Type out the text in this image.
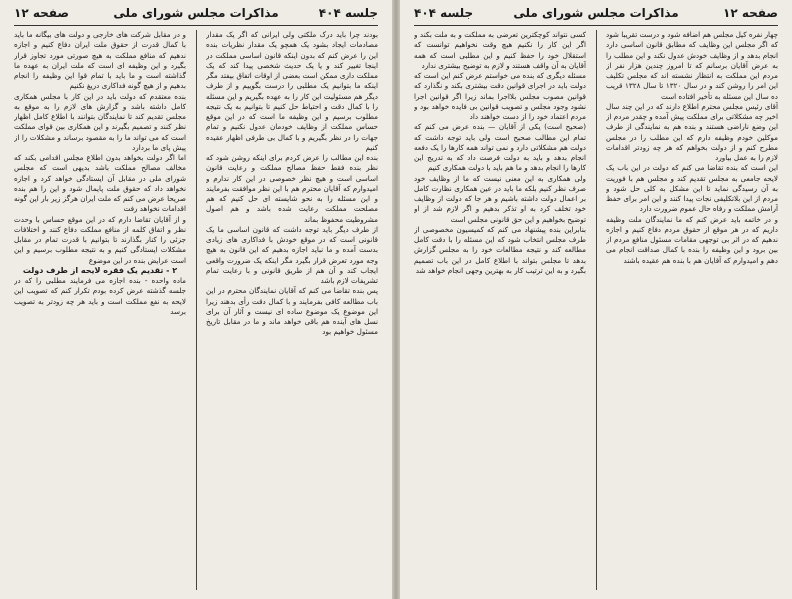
جلسه ۴۰۴
مذاکرات مجلس شورای ملی
صفحه ۱۲

بودند چرا باید درک ملکتی ولی ایرانی که اگر یک مقدار مصادمات ایجاد بشود یک همچو یک مقدار نظریات بنده این را عرض کنم که بدون اینکه قانون اساسی مملکت در اینجا تغییر کند و یا یک حدیث شخصی پیدا کند که یک مملکت داری ممکن است بعضی از اوقات اتفاق بیفتد مگر اینکه ما بتوانیم یک مطلبی را درست بگوییم و از طرف دیگر هم مسئولیت این کار را به عهده بگیریم و این مسئله را با کمال دقت و احتیاط حل کنیم تا بتوانیم به یک نتیجه مطلوب برسیم و این وظیفه ما است که در این موقع حساس مملکت از وظایف خودمان عدول نکنیم و تمام جهات را در نظر بگیریم و با کمال بی طرفی اظهار عقیده کنیم

بنده این مطالب را عرض کردم برای اینکه روشن شود که نظر بنده فقط حفظ مصالح مملکت و رعایت قانون اساسی است و هیچ نظر خصوصی در این کار ندارم و امیدوارم که آقایان محترم هم با این نظر موافقت بفرمایند و این مسئله را به نحو شایسته ای حل کنیم که هم مصلحت مملکت رعایت شده باشد و هم اصول مشروطیت محفوظ بماند

از طرف دیگر باید توجه داشت که قانون اساسی ما یک قانونی است که در موقع خودش با فداکاری های زیادی بدست آمده و ما نباید اجازه بدهیم که این قانون به هیچ وجه مورد تعرض قرار بگیرد مگر اینکه یک ضرورت واقعی ایجاب کند و آن هم از طریق قانونی و با رعایت تمام تشریفات لازم باشد

پس بنده تقاضا می کنم که آقایان نمایندگان محترم در این باب مطالعه کافی بفرمایند و با کمال دقت رأی بدهند زیرا این موضوع یک موضوع ساده ای نیست و آثار آن برای نسل های آینده هم باقی خواهد ماند و ما در مقابل تاریخ مسئول خواهیم بود

و در مقابل شرکت های خارجی و دولت های بیگانه ما باید با کمال قدرت از حقوق ملت ایران دفاع کنیم و اجازه ندهیم که منافع مملکت به هیچ صورتی مورد تجاوز قرار بگیرد و این وظیفه ای است که ملت ایران به عهده ما گذاشته است و ما باید با تمام قوا این وظیفه را انجام بدهیم و از هیچ گونه فداکاری دریغ نکنیم

بنده معتقدم که دولت باید در این کار با مجلس همکاری کامل داشته باشد و گزارش های لازم را به موقع به مجلس تقدیم کند تا نمایندگان بتوانند با اطلاع کامل اظهار نظر کنند و تصمیم بگیرند و این همکاری بین قوای مملکت است که می تواند ما را به مقصود برساند و مشکلات را از پیش پای ما بردارد

اما اگر دولت بخواهد بدون اطلاع مجلس اقدامی بکند که مخالف مصالح مملکت باشد بدیهی است که مجلس شورای ملی در مقابل آن ایستادگی خواهد کرد و اجازه نخواهد داد که حقوق ملت پایمال شود و این را هم بنده صریحا عرض می کنم که ملت ایران هرگز زیر بار این گونه اقدامات نخواهد رفت

و از آقایان تقاضا دارم که در این موقع حساس با وحدت نظر و اتفاق کلمه از منافع مملکت دفاع کنند و اختلافات جزئی را کنار بگذارند تا بتوانیم با قدرت تمام در مقابل مشکلات ایستادگی کنیم و به نتیجه مطلوب برسیم و این است عرایض بنده در این موضوع

۲ - تقدیم یک فقره لایحه از طرف دولت

ماده واحده - بنده اجازه می فرمایند مطلبی را که در جلسه گذشته عرض کرده بودم تکرار کنم که تصویب این لایحه به نفع مملکت است و باید هر چه زودتر به تصویب برسد

صفحه ۱۲
مذاکرات مجلس شورای ملی
جلسه ۴۰۴

چهار نفره کیل مجلس هم اضافه شود و درست تقریبا شود که اگر مجلس این وظایف که مطابق قانون اساسی دارد انجام بدهد و از وظایف خودش عدول نکند و این مطلب را به عرض آقایان برسانم که تا امروز چندین هزار نفر از مردم این مملکت به انتظار نشسته اند که مجلس تکلیف این امر را روشن کند و در سال ۱۳۲۰ تا سال ۱۳۲۸ قریب ده سال این مسئله به تأخیر افتاده است

آقای رئیس مجلس محترم اطلاع دارند که در این چند سال اخیر چه مشکلاتی برای مملکت پیش آمده و چقدر مردم از این وضع ناراضی هستند و بنده هم به نمایندگی از طرف موکلین خودم وظیفه دارم که این مطلب را در مجلس مطرح کنم و از دولت بخواهم که هر چه زودتر اقدامات لازم را به عمل بیاورد

این است که بنده تقاضا می کنم که دولت در این باب یک لایحه جامعی به مجلس تقدیم کند و مجلس هم با فوریت به آن رسیدگی نماید تا این مشکل به کلی حل شود و مردم از این بلاتکلیفی نجات پیدا کنند و این امر برای حفظ آرامش مملکت و رفاه حال عموم ضرورت دارد

و در خاتمه باید عرض کنم که ما نمایندگان ملت وظیفه داریم که در هر موقع از حقوق مردم دفاع کنیم و اجازه ندهیم که در اثر بی توجهی مقامات مسئول منافع مردم از بین برود و این وظیفه را بنده با کمال صداقت انجام می دهم و امیدوارم که آقایان هم با بنده هم عقیده باشند

کسی نتواند کوچکترین تعرضی به مملکت و به ملت بکند و اگر این کار را نکنیم هیچ وقت نخواهیم توانست که استقلال خود را حفظ کنیم و این مطلبی است که همه آقایان به آن واقف هستند و لازم به توضیح بیشتری ندارد

مسئله دیگری که بنده می خواستم عرض کنم این است که دولت باید در اجرای قوانین دقت بیشتری بکند و نگذارد که قوانین مصوب مجلس بلااجرا بماند زیرا اگر قوانین اجرا نشود وجود مجلس و تصویب قوانین بی فایده خواهد بود و مردم اعتماد خود را از دست خواهند داد

(صحیح است) یکی از آقایان — بنده عرض می کنم که تمام این مطالب صحیح است ولی باید توجه داشت که دولت هم مشکلاتی دارد و نمی تواند همه کارها را یک دفعه انجام بدهد و باید به دولت فرصت داد که به تدریج این کارها را انجام بدهد و ما هم باید با دولت همکاری کنیم

ولی همکاری به این معنی نیست که ما از وظایف خود صرف نظر کنیم بلکه ما باید در عین همکاری نظارت کامل بر اعمال دولت داشته باشیم و هر جا که دولت از وظایف خود تخلف کرد به او تذکر بدهیم و اگر لازم شد از او توضیح بخواهیم و این حق قانونی مجلس است

بنابراین بنده پیشنهاد می کنم که کمیسیون مخصوصی از طرف مجلس انتخاب شود که این مسئله را با دقت کامل مطالعه کند و نتیجه مطالعات خود را به مجلس گزارش بدهد تا مجلس بتواند با اطلاع کامل در این باب تصمیم بگیرد و به این ترتیب کار به بهترین وجهی انجام خواهد شد
